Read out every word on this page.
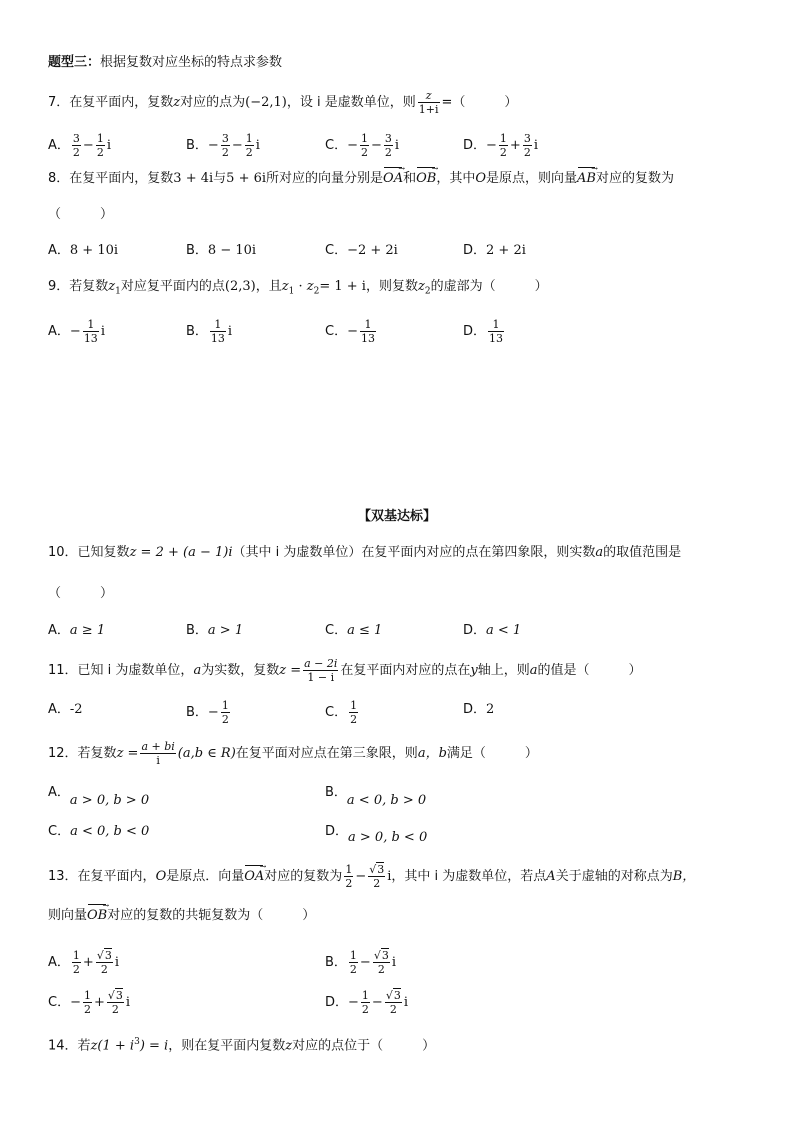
题型三：根据复数对应坐标的特点求参数
7．在复平面内，复数z对应的点为(−2,1)，设 i 是虚数单位，则 $\frac{z}{1+i}$ =（　　　）
A． $\frac{3}{2} - \frac{1}{2}$ i	B．− $\frac{3}{2} - \frac{1}{2}$ i	C．− $\frac{1}{2} - \frac{3}{2}$ i	D．− $\frac{1}{2} + \frac{3}{2}$ i
8．在复平面内，复数3 + 4i与5 + 6i所对应的向量分别是OA →和OB →，其中O是原点，则向量AB →对应的复数为
（　　　）
A．8 + 10i	B．8 − 10i	C．−2 + 2i	D．2 + 2i
9．若复数$z_1$对应复平面内的点(2,3)，且$z_1 \cdot z_2= 1 + i$，则复数$z_2$的虚部为（　　　）
A．− $\frac{1}{13}$ i	B． $\frac{1}{13}$ i	C．− $\frac{1}{13}$	D． $\frac{1}{13}$
【双基达标】
10．已知复数z = 2 + (a − 1)i（其中 i 为虚数单位）在复平面内对应的点在第四象限，则实数a的取值范围是
（　　　）
A．a ≥ 1	B．a > 1	C．a ≤ 1	D．a < 1
11．已知 i 为虚数单位，a为实数，复数$z = \frac{a - 2i}{1 - i}$ 在复平面内对应的点在y轴上，则a的值是（　　　）
A．-2	B．− $\frac{1}{2}$	C． $\frac{1}{2}$	D．2
12．若复数$z = \frac{a + bi}{i} (a,b$ ∈ R)在复平面对应点在第三象限，则a，b满足（　　　）
A．a > 0, b > 0
B．a < 0, b > 0
C．a < 0, b < 0	D．a > 0, b < 0
13．在复平面内，O是原点．向量OA →对应的复数为 $\frac{1}{2} - \frac{√3}{2}$ i，其中 i 为虚数单位，若点A关于虚轴的对称点为B，
则向量OB →对应的复数的共轭复数为（　　　）
A． $\frac{1}{2} + \frac{√3}{2}$ i	B． $\frac{1}{2} - \frac{√3}{2}$ i
C．− $\frac{1}{2} + \frac{√3}{2}$ i	D．− $\frac{1}{2} - \frac{√3}{2}$ i
14．若$z(1 + i^3) = i$，则在复平面内复数z对应的点位于（　　　）
